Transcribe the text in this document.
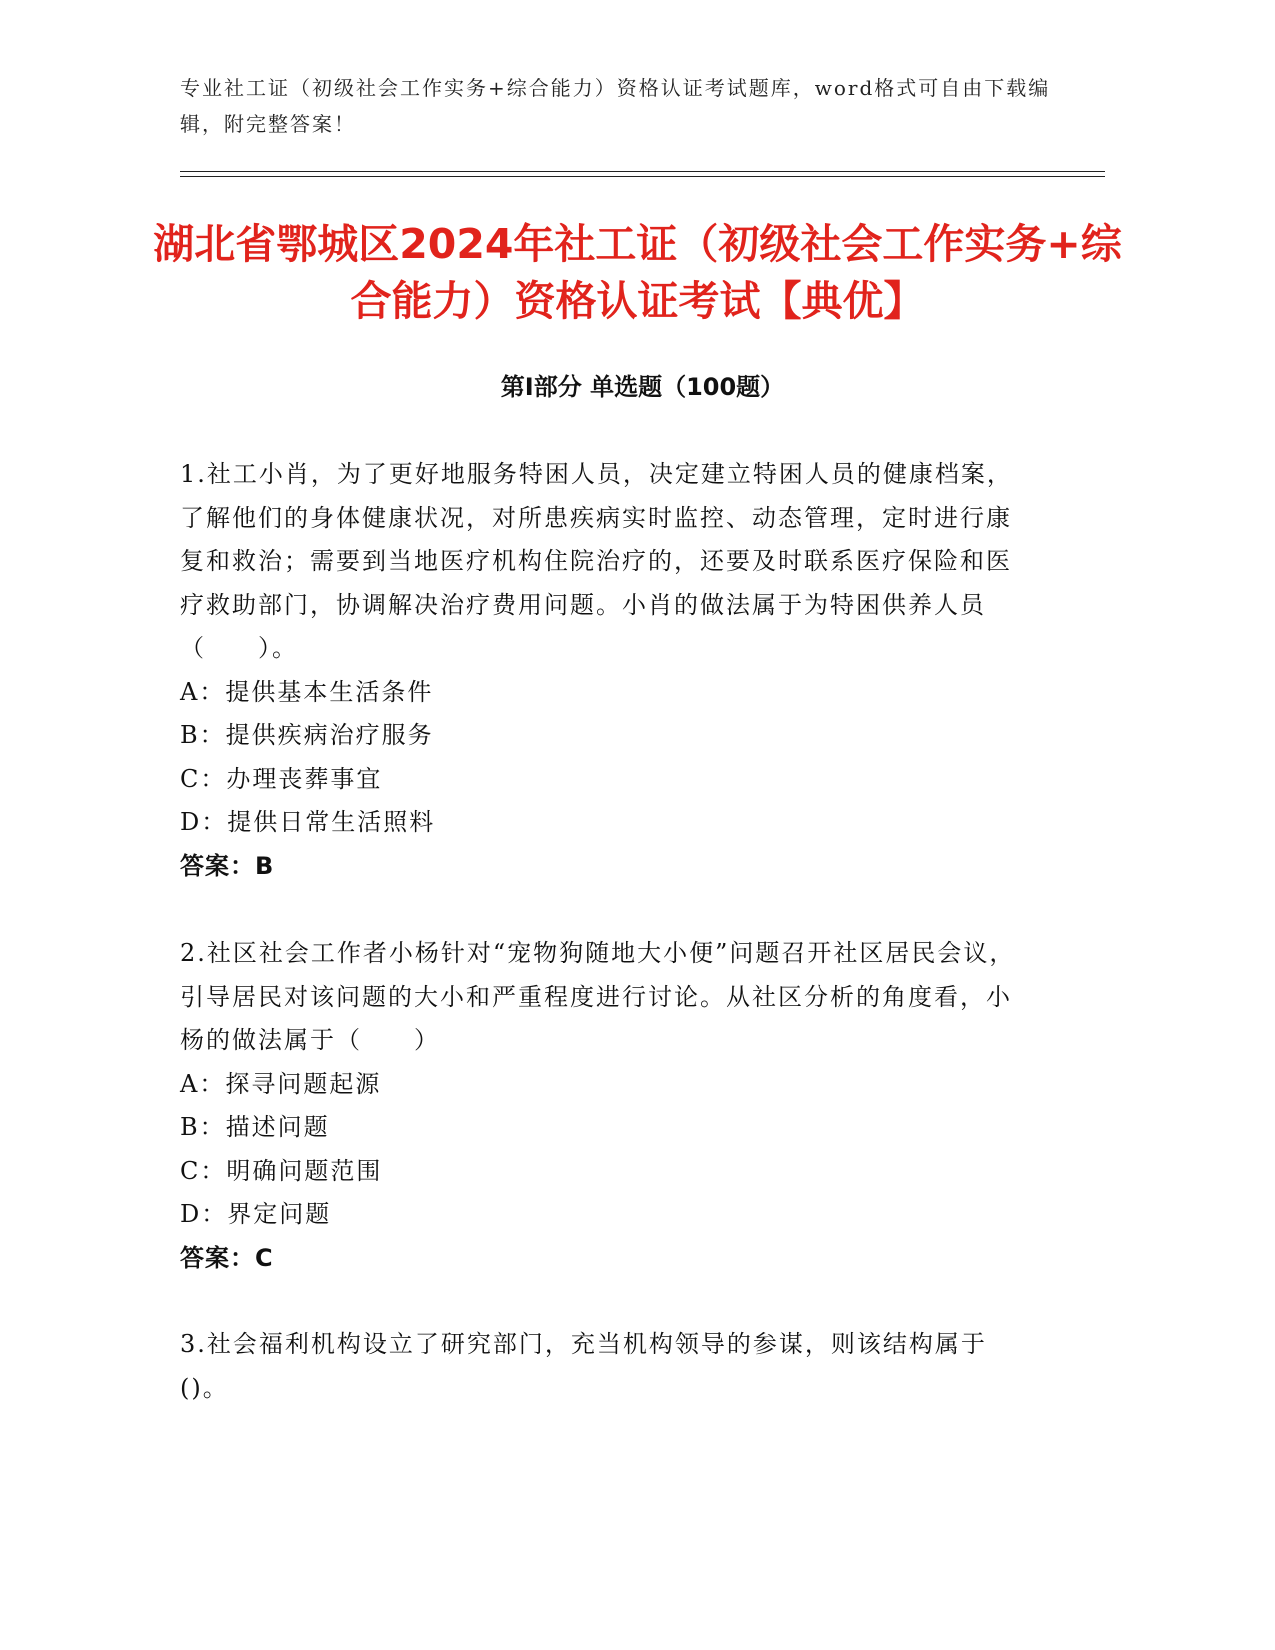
专业社工证（初级社会工作实务+综合能力）资格认证考试题库，word格式可自由下载编辑，附完整答案！
湖北省鄂城区2024年社工证（初级社会工作实务+综合能力）资格认证考试【典优】
第Ⅰ部分 单选题（100题）

1.社工小肖，为了更好地服务特困人员，决定建立特困人员的健康档案，了解他们的身体健康状况，对所患疾病实时监控、动态管理，定时进行康复和救治；需要到当地医疗机构住院治疗的，还要及时联系医疗保险和医疗救助部门，协调解决治疗费用问题。小肖的做法属于为特困供养人员（　　）。

A：提供基本生活条件

B：提供疾病治疗服务

C：办理丧葬事宜

D：提供日常生活照料

答案：B

2.社区社会工作者小杨针对“宠物狗随地大小便”问题召开社区居民会议，引导居民对该问题的大小和严重程度进行讨论。从社区分析的角度看，小杨的做法属于（　　）

A：探寻问题起源

B：描述问题

C：明确问题范围

D：界定问题

答案：C

3.社会福利机构设立了研究部门，充当机构领导的参谋，则该结构属于()。
